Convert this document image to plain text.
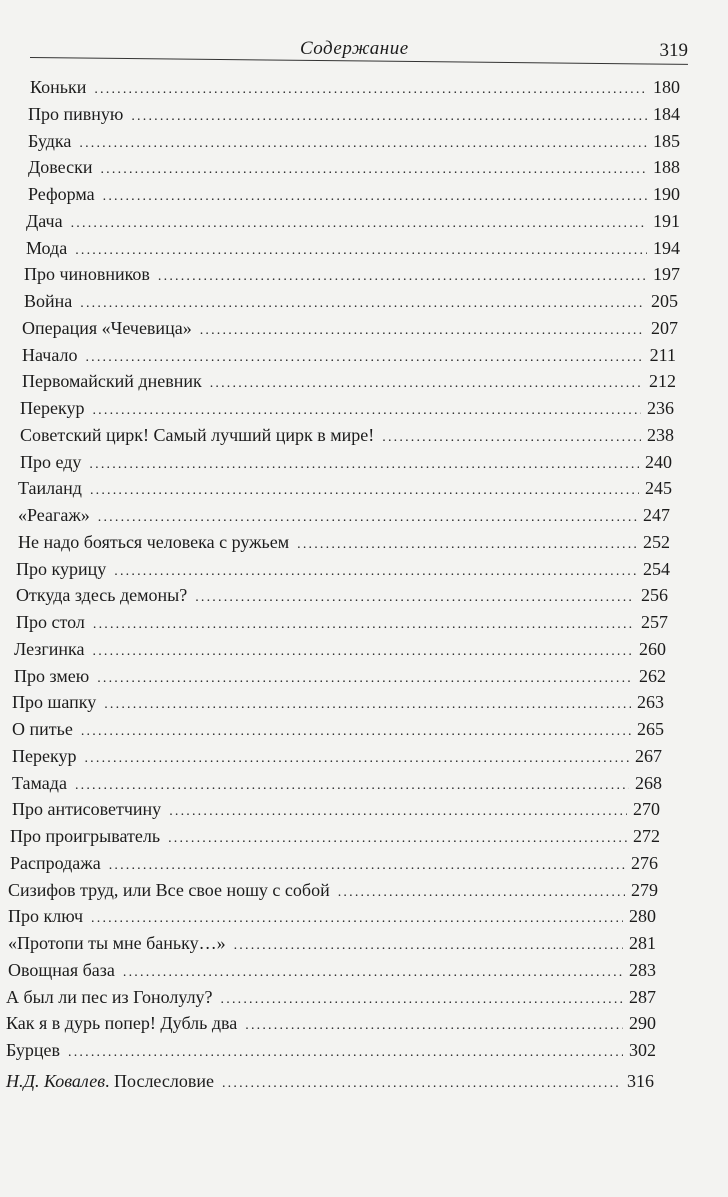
Содержание	319
Коньки .....	180
Про пивную .....	184
Будка .....	185
Довески .....	188
Реформа .....	190
Дача .....	191
Мода .....	194
Про чиновников .....	197
Война .....	205
Операция «Чечевица» .....	207
Начало .....	211
Первомайский дневник .....	212
Перекур .....	236
Советский цирк! Самый лучший цирк в мире! .....	238
Про еду .....	240
Таиланд .....	245
«Реагаж» .....	247
Не надо бояться человека с ружьем .....	252
Про курицу .....	254
Откуда здесь демоны? .....	256
Про стол .....	257
Лезгинка .....	260
Про змею .....	262
Про шапку .....	263
О питье .....	265
Перекур .....	267
Тамада .....	268
Про антисоветчину .....	270
Про проигрыватель .....	272
Распродажа .....	276
Сизифов труд, или Все свое ношу с собой .....	279
Про ключ .....	280
«Протопи ты мне баньку…» .....	281
Овощная база .....	283
А был ли пес из Гонолулу? .....	287
Как я в дурь попер! Дубль два .....	290
Бурцев .....	302
Н.Д. Ковалев. Послесловие .....	316
